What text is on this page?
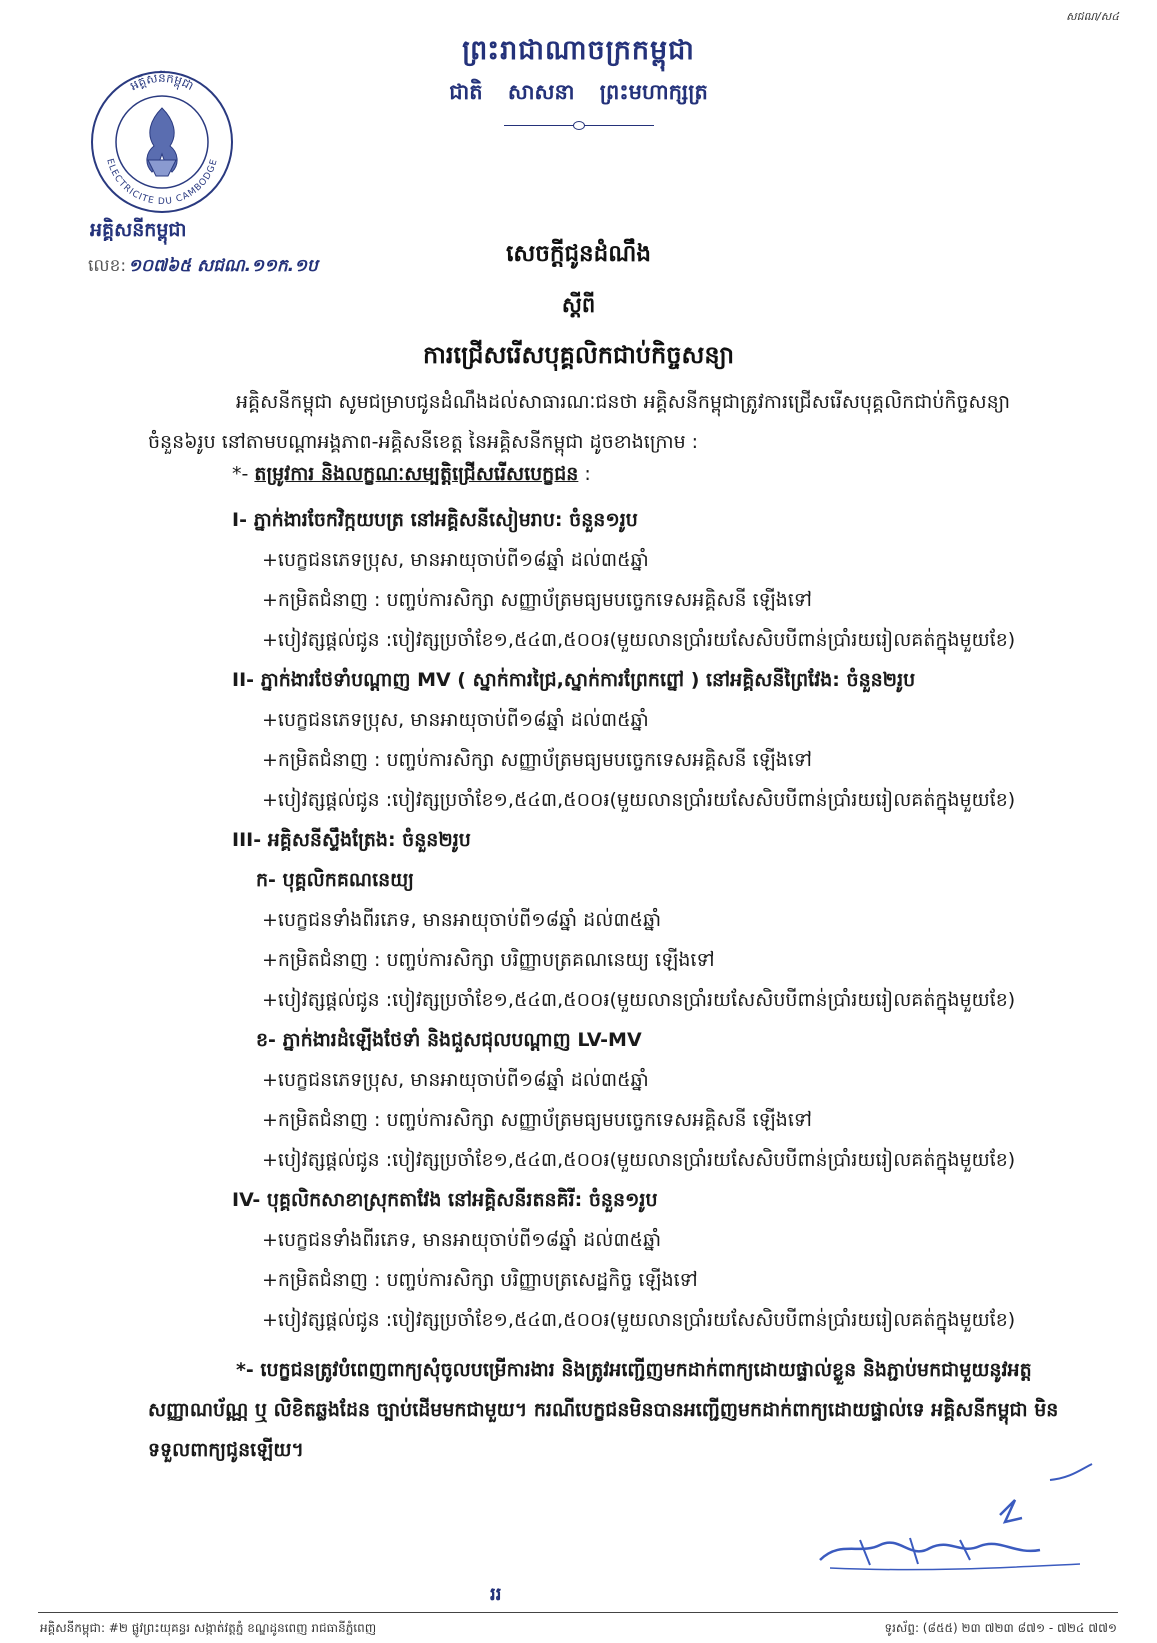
សជណ/ស៤
ព្រះរាជាណាចក្រកម្ពុជា
ជាតិ សាសនា ព្រះមហាក្សត្រ
ELECTRICITE DU CAMBODGE
អគ្គិសនីកម្ពុជា
អគ្គិសនីកម្ពុជា
លេខ: ១០៧៦៥ សជណ.១១ក.១ប	សេចក្តីជូនដំណឹង
ស្តីពី
ការជ្រើសរើសបុគ្គលិកជាប់កិច្ចសន្យា
អគ្គិសនីកម្ពុជា សូមជម្រាបជូនដំណឹងដល់សាធារណៈជនថា អគ្គិសនីកម្ពុជាត្រូវការជ្រើសរើសបុគ្គលិកជាប់កិច្ចសន្យា ចំនួន៦រូប នៅតាមបណ្តាអង្គភាព-អគ្គិសនីខេត្ត នៃអគ្គិសនីកម្ពុជា ដូចខាងក្រោម :
*- តម្រូវការ និងលក្ខណៈសម្បត្តិជ្រើសរើសបេក្ខជន :
I- ភ្នាក់ងារចែកវិក្កយបត្រ នៅអគ្គិសនីសៀមរាប: ចំនួន១រូប
+បេក្ខជនភេទប្រុស, មានអាយុចាប់ពី១៨ឆ្នាំ ដល់៣៥ឆ្នាំ
+កម្រិតជំនាញ : បញ្ចប់ការសិក្សា សញ្ញាប័ត្រមធ្យមបច្ចេកទេសអគ្គិសនី ឡើងទៅ
+បៀវត្សផ្តល់ជូន :បៀវត្សប្រចាំខែ១,៥៤៣,៥០០៛(មួយលានប្រាំរយសែសិបបីពាន់ប្រាំរយរៀលគត់ក្នុងមួយខែ)
II- ភ្នាក់ងារថែទាំបណ្តាញ MV ( ស្នាក់ការជ្រៃ,ស្នាក់ការព្រែកព្នៅ ) នៅអគ្គិសនីព្រៃវែង: ចំនួន២រូប
+បេក្ខជនភេទប្រុស, មានអាយុចាប់ពី១៨ឆ្នាំ ដល់៣៥ឆ្នាំ
+កម្រិតជំនាញ : បញ្ចប់ការសិក្សា សញ្ញាប័ត្រមធ្យមបច្ចេកទេសអគ្គិសនី ឡើងទៅ
+បៀវត្សផ្តល់ជូន :បៀវត្សប្រចាំខែ១,៥៤៣,៥០០៛(មួយលានប្រាំរយសែសិបបីពាន់ប្រាំរយរៀលគត់ក្នុងមួយខែ)
III- អគ្គិសនីស្ទឹងត្រែង: ចំនួន២រូប
ក- បុគ្គលិកគណនេយ្យ
+បេក្ខជនទាំងពីរភេទ, មានអាយុចាប់ពី១៨ឆ្នាំ ដល់៣៥ឆ្នាំ
+កម្រិតជំនាញ : បញ្ចប់ការសិក្សា បរិញ្ញាបត្រគណនេយ្យ ឡើងទៅ
+បៀវត្សផ្តល់ជូន :បៀវត្សប្រចាំខែ១,៥៤៣,៥០០៛(មួយលានប្រាំរយសែសិបបីពាន់ប្រាំរយរៀលគត់ក្នុងមួយខែ)
ខ- ភ្នាក់ងារដំឡើងថែទាំ និងជួសជុលបណ្តាញ LV-MV
+បេក្ខជនភេទប្រុស, មានអាយុចាប់ពី១៨ឆ្នាំ ដល់៣៥ឆ្នាំ
+កម្រិតជំនាញ : បញ្ចប់ការសិក្សា សញ្ញាប័ត្រមធ្យមបច្ចេកទេសអគ្គិសនី ឡើងទៅ
+បៀវត្សផ្តល់ជូន :បៀវត្សប្រចាំខែ១,៥៤៣,៥០០៛(មួយលានប្រាំរយសែសិបបីពាន់ប្រាំរយរៀលគត់ក្នុងមួយខែ)
IV- បុគ្គលិកសាខាស្រុកតាវែង នៅអគ្គិសនីរតនគិរី: ចំនួន១រូប
+បេក្ខជនទាំងពីរភេទ, មានអាយុចាប់ពី១៨ឆ្នាំ ដល់៣៥ឆ្នាំ
+កម្រិតជំនាញ : បញ្ចប់ការសិក្សា បរិញ្ញាបត្រសេដ្ឋកិច្ច ឡើងទៅ
+បៀវត្សផ្តល់ជូន :បៀវត្សប្រចាំខែ១,៥៤៣,៥០០៛(មួយលានប្រាំរយសែសិបបីពាន់ប្រាំរយរៀលគត់ក្នុងមួយខែ)
*- បេក្ខជនត្រូវបំពេញពាក្យសុំចូលបម្រើការងារ និងត្រូវអញ្ជើញមកដាក់ពាក្យដោយផ្ទាល់ខ្លួន និងភ្ជាប់មកជាមួយនូវអត្តសញ្ញាណប័ណ្ណ ឬ លិខិតឆ្លងដែន ច្បាប់ដើមមកជាមួយ។ ករណីបេក្ខជនមិនបានអញ្ជើញមកដាក់ពាក្យដោយផ្ទាល់ទេ អគ្គិសនីកម្ពុជា មិនទទួលពាក្យជូនឡើយ។
ររ
អគ្គិសនីកម្ពុជា: #២ ផ្លូវព្រះយុគន្ធរ សង្កាត់វត្តភ្នំ ខណ្ឌដូនពេញ រាជធានីភ្នំពេញ	ទូរស័ព្ទ: (៨៥៥) ២៣ ៧២៣ ៨៧១ - ៧២៤ ៧៧១
